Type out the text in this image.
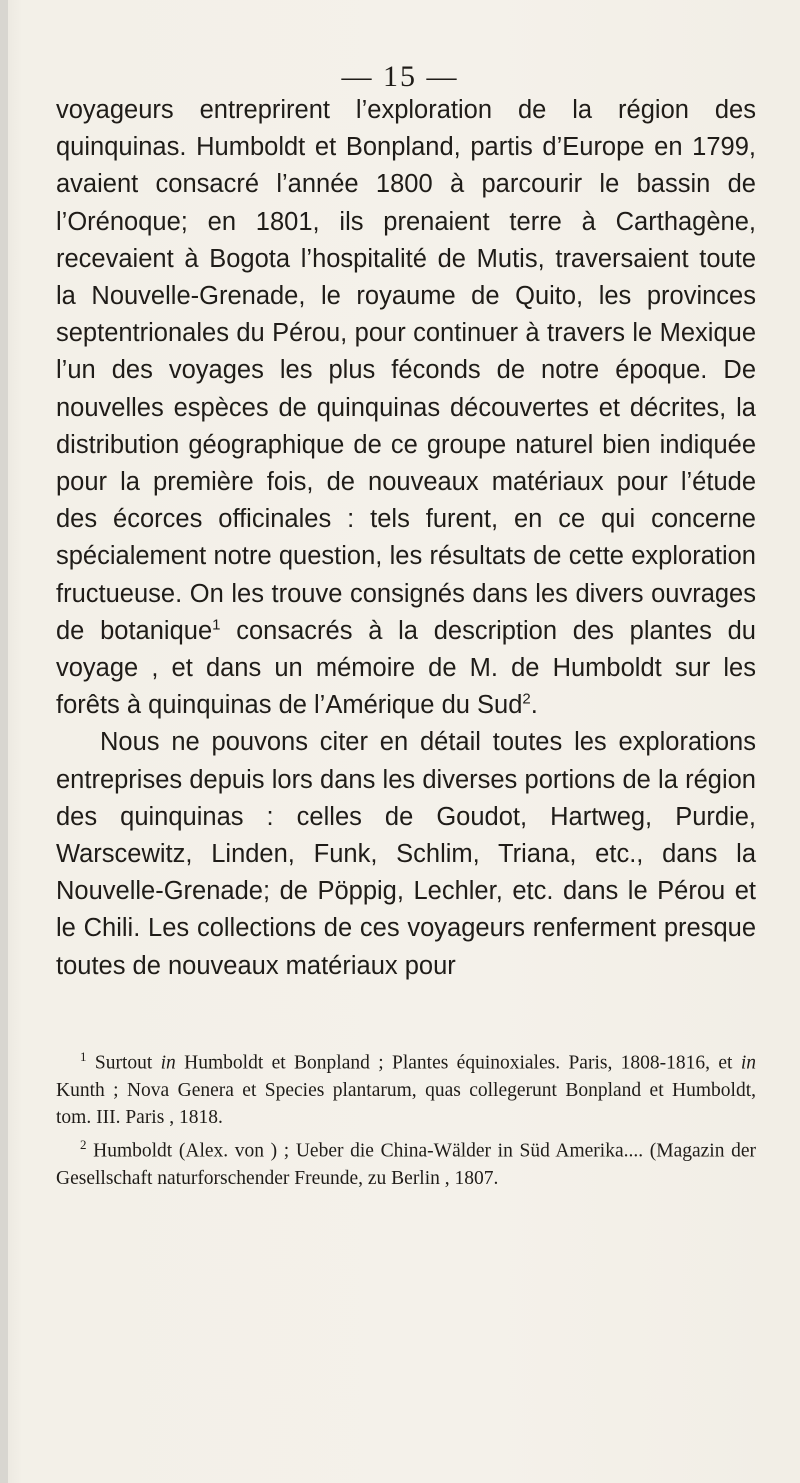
— 15 —

voyageurs entreprirent l’exploration de la région des quinquinas. Humboldt et Bonpland, partis d’Europe en 1799, avaient consacré l’année 1800 à parcourir le bassin de l’Orénoque; en 1801, ils prenaient terre à Carthagène, recevaient à Bogota l’hospitalité de Mutis, traversaient toute la Nouvelle-Grenade, le royaume de Quito, les provinces septentrionales du Pérou, pour continuer à travers le Mexique l’un des voyages les plus féconds de notre époque. De nouvelles espèces de quinquinas découvertes et décrites, la distribution géographique de ce groupe naturel bien indiquée pour la première fois, de nouveaux matériaux pour l’étude des écorces officinales : tels furent, en ce qui concerne spécialement notre question, les résultats de cette exploration fructueuse. On les trouve consignés dans les divers ouvrages de botanique$^1$ consacrés à la description des plantes du voyage , et dans un mémoire de M. de Humboldt sur les forêts à quinquinas de l’Amérique du Sud$^2$.

Nous ne pouvons citer en détail toutes les explorations entreprises depuis lors dans les diverses portions de la région des quinquinas : celles de Goudot, Hartweg, Purdie, Warscewitz, Linden, Funk, Schlim, Triana, etc., dans la Nouvelle-Grenade; de Pöppig, Lechler, etc. dans le Pérou et le Chili. Les collections de ces voyageurs renferment presque toutes de nouveaux matériaux pour

$^1$ Surtout in Humboldt et Bonpland ; Plantes équinoxiales. Paris, 1808-1816, et in Kunth ; Nova Genera et Species plantarum, quas collegerunt Bonpland et Humboldt, tom. III. Paris , 1818.

$^2$ Humboldt (Alex. von ) ; Ueber die China-Wälder in Süd Amerika.... (Magazin der Gesellschaft naturforschender Freunde, zu Berlin , 1807.
